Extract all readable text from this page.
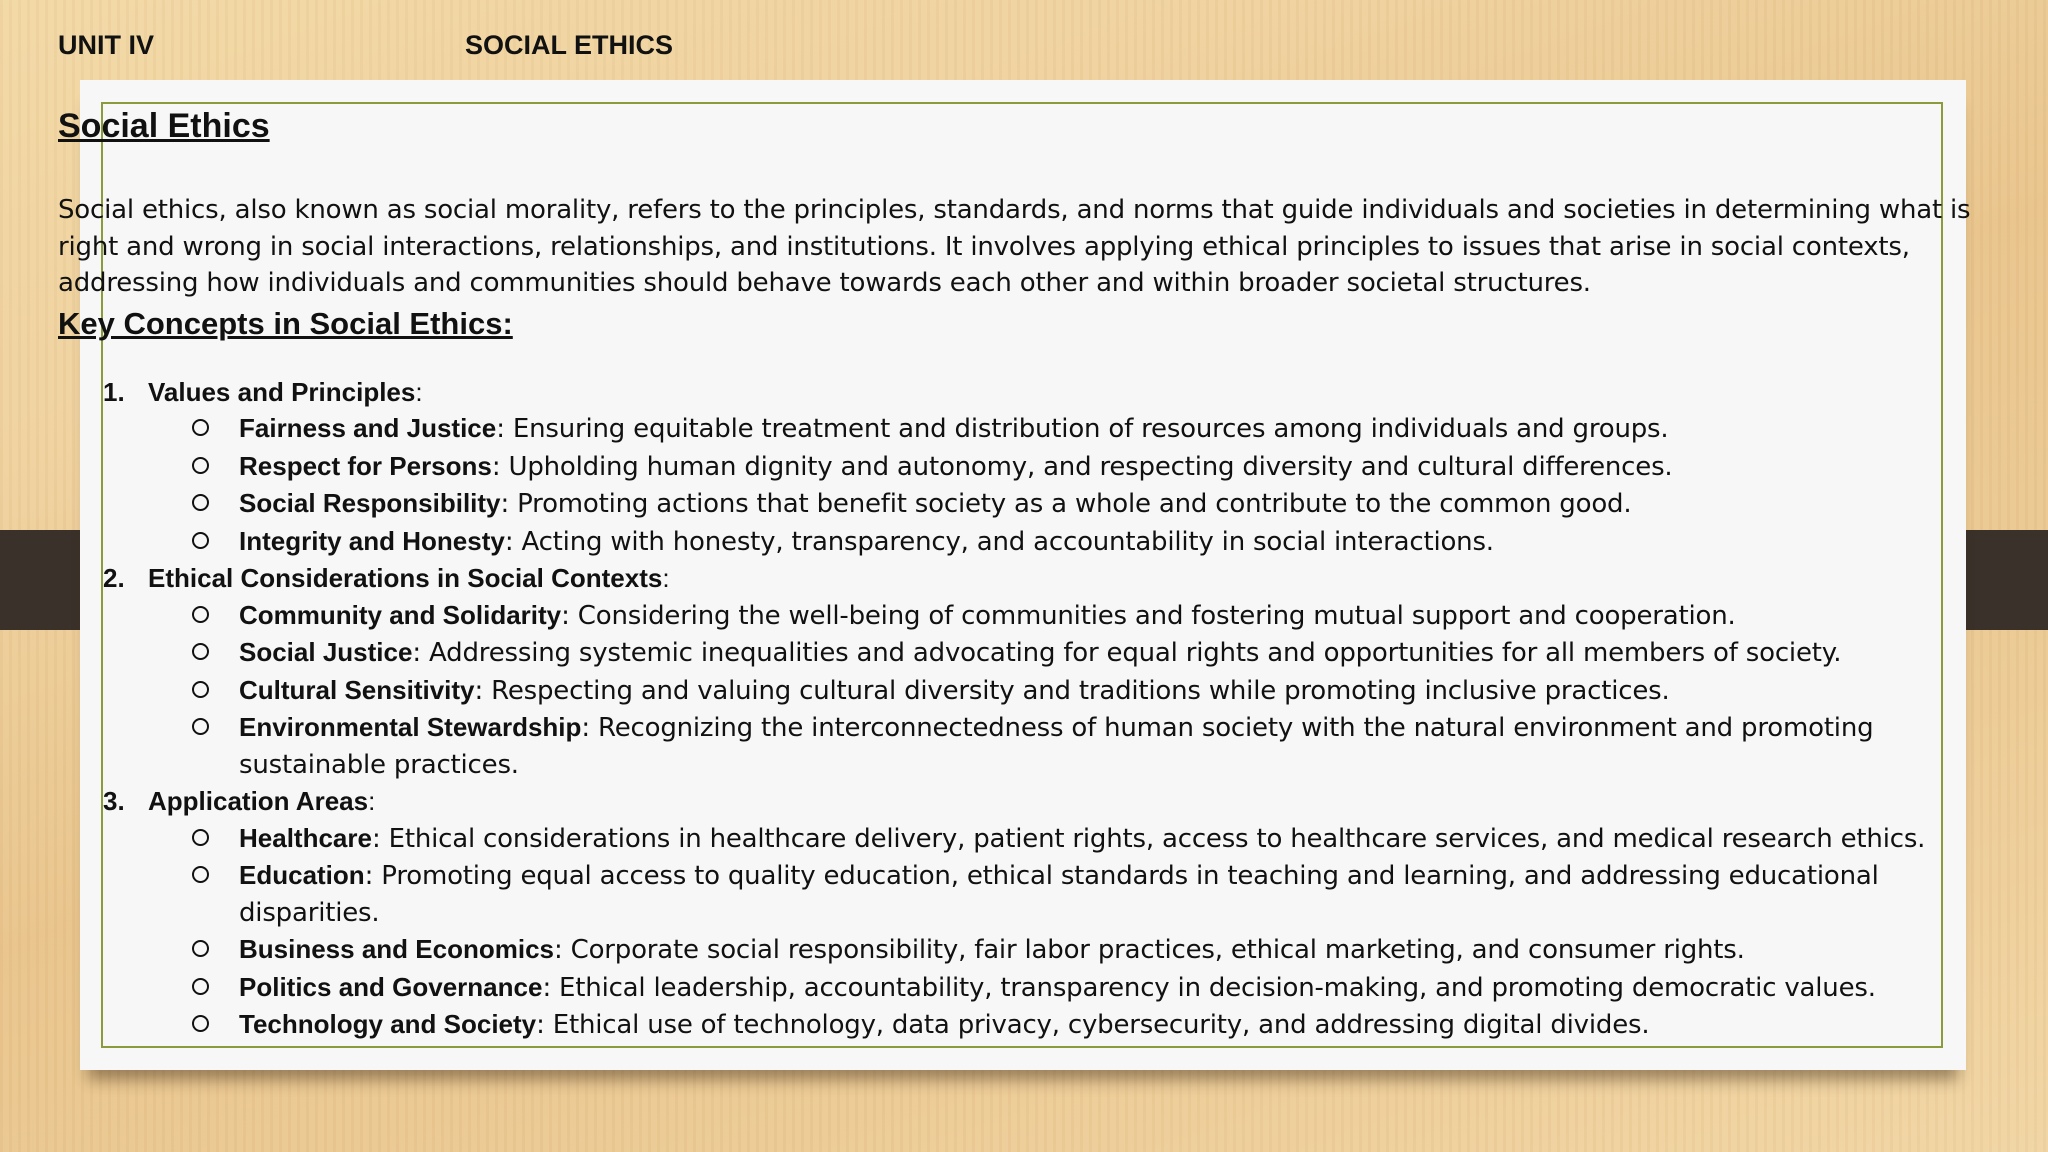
UNIT IV	SOCIAL ETHICS
Social Ethics

Social ethics, also known as social morality, refers to the principles, standards, and norms that guide individuals and societies in determining what is right and wrong in social interactions, relationships, and institutions. It involves applying ethical principles to issues that arise in social contexts, addressing how individuals and communities should behave towards each other and within broader societal structures.

Key Concepts in Social Ethics:
1. Values and Principles:
Fairness and Justice: Ensuring equitable treatment and distribution of resources among individuals and groups.
Respect for Persons: Upholding human dignity and autonomy, and respecting diversity and cultural differences.
Social Responsibility: Promoting actions that benefit society as a whole and contribute to the common good.
Integrity and Honesty: Acting with honesty, transparency, and accountability in social interactions.
2. Ethical Considerations in Social Contexts:
Community and Solidarity: Considering the well-being of communities and fostering mutual support and cooperation.
Social Justice: Addressing systemic inequalities and advocating for equal rights and opportunities for all members of society.
Cultural Sensitivity: Respecting and valuing cultural diversity and traditions while promoting inclusive practices.
Environmental Stewardship: Recognizing the interconnectedness of human society with the natural environment and promoting sustainable practices.
3. Application Areas:
Healthcare: Ethical considerations in healthcare delivery, patient rights, access to healthcare services, and medical research ethics.
Education: Promoting equal access to quality education, ethical standards in teaching and learning, and addressing educational disparities.
Business and Economics: Corporate social responsibility, fair labor practices, ethical marketing, and consumer rights.
Politics and Governance: Ethical leadership, accountability, transparency in decision-making, and promoting democratic values.
Technology and Society: Ethical use of technology, data privacy, cybersecurity, and addressing digital divides.
